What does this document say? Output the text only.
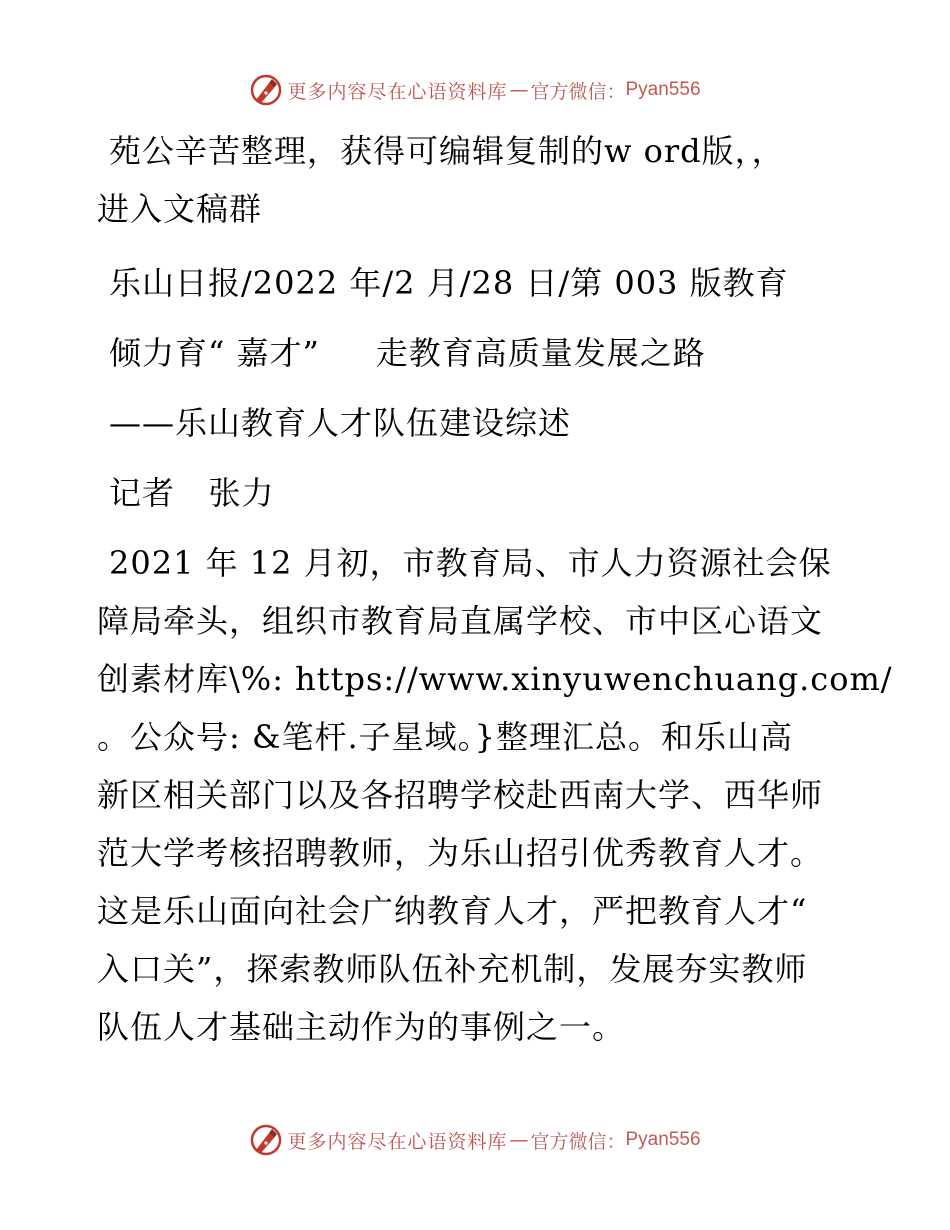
更多内容尽在心语资料库 — 官方微信： Pyan556
苑公辛苦整理，获得可编辑复制的w ord版，，
进入文稿群
乐山日报/2022 年/2 月/28 日/第 003 版教育
倾力育“ 嘉才”     走教育高质量发展之路
——乐山教育人才队伍建设综述
记者   张力
2021 年 12 月初，市教育局、市人力资源社会保
障局牵头，组织市教育局直属学校、市中区心语文
创素材库\%: https://www.xinyuwenchuang.com/
。公众号: &笔杆.子星域。}整理汇总。和乐山高
新区相关部门以及各招聘学校赴西南大学、西华师
范大学考核招聘教师，为乐山招引优秀教育人才。
这是乐山面向社会广纳教育人才，严把教育人才“
入口关”，探索教师队伍补充机制，发展夯实教师
队伍人才基础主动作为的事例之一。
更多内容尽在心语资料库 — 官方微信： Pyan556
